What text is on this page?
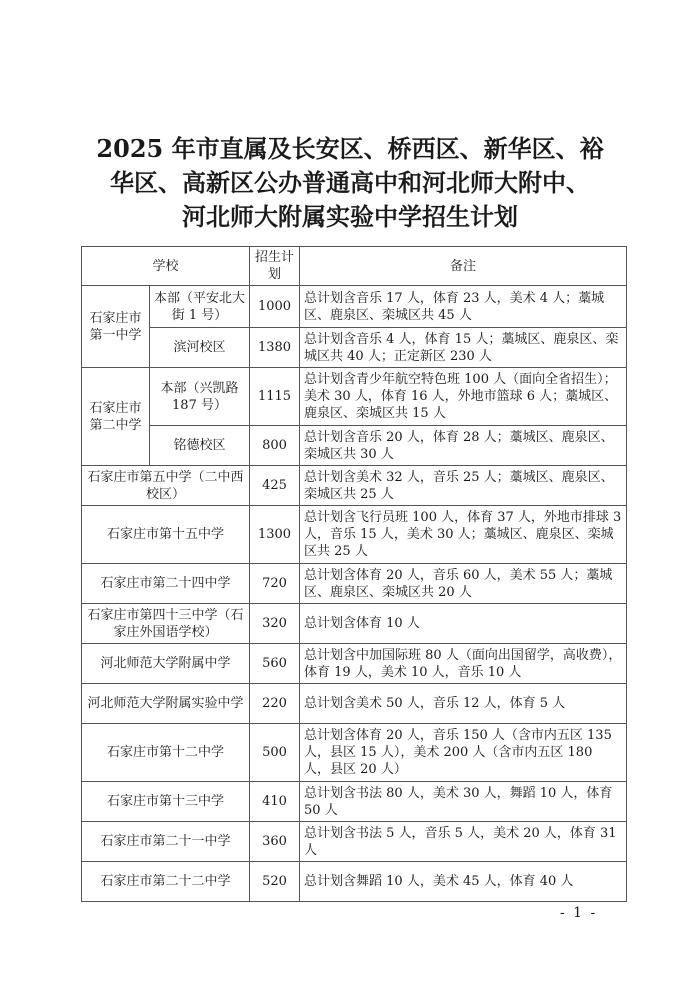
2025 年市直属及长安区、桥西区、新华区、裕
华区、高新区公办普通高中和河北师大附中、
河北师大附属实验中学招生计划
学校		招生计划	备注
石家庄市第一中学	本部（平安北大街 1 号）	1000	总计划含音乐 17 人，体育 23 人，美术 4 人；藁城区、鹿泉区、栾城区共 45 人
	滨河校区	1380	总计划含音乐 4 人，体育 15 人；藁城区、鹿泉区、栾城区共 40 人；正定新区 230 人
石家庄市第二中学	本部（兴凯路 187 号）	1115	总计划含青少年航空特色班 100 人（面向全省招生）；美术 30 人，体育 16 人，外地市篮球 6 人；藁城区、鹿泉区、栾城区共 15 人
	铭德校区	800	总计划含音乐 20 人，体育 28 人；藁城区、鹿泉区、栾城区共 30 人
石家庄市第五中学（二中西校区）		425	总计划含美术 32 人，音乐 25 人；藁城区、鹿泉区、栾城区共 25 人
石家庄市第十五中学		1300	总计划含飞行员班 100 人，体育 37 人，外地市排球 3 人，音乐 15 人，美术 30 人；藁城区、鹿泉区、栾城区共 25 人
石家庄市第二十四中学		720	总计划含体育 20 人，音乐 60 人，美术 55 人；藁城区、鹿泉区、栾城区共 20 人
石家庄市第四十三中学（石家庄外国语学校）		320	总计划含体育 10 人
河北师范大学附属中学		560	总计划含中加国际班 80 人（面向出国留学，高收费），体育 19 人，美术 10 人，音乐 10 人
河北师范大学附属实验中学		220	总计划含美术 50 人，音乐 12 人，体育 5 人
石家庄市第十二中学		500	总计划含体育 20 人，音乐 150 人（含市内五区 135 人，县区 15 人），美术 200 人（含市内五区 180 人，县区 20 人）
石家庄市第十三中学		410	总计划含书法 80 人，美术 30 人，舞蹈 10 人，体育 50 人
石家庄市第二十一中学		360	总计划含书法 5 人，音乐 5 人，美术 20 人，体育 31 人
石家庄市第二十二中学		520	总计划含舞蹈 10 人，美术 45 人，体育 40 人
- 1 -
